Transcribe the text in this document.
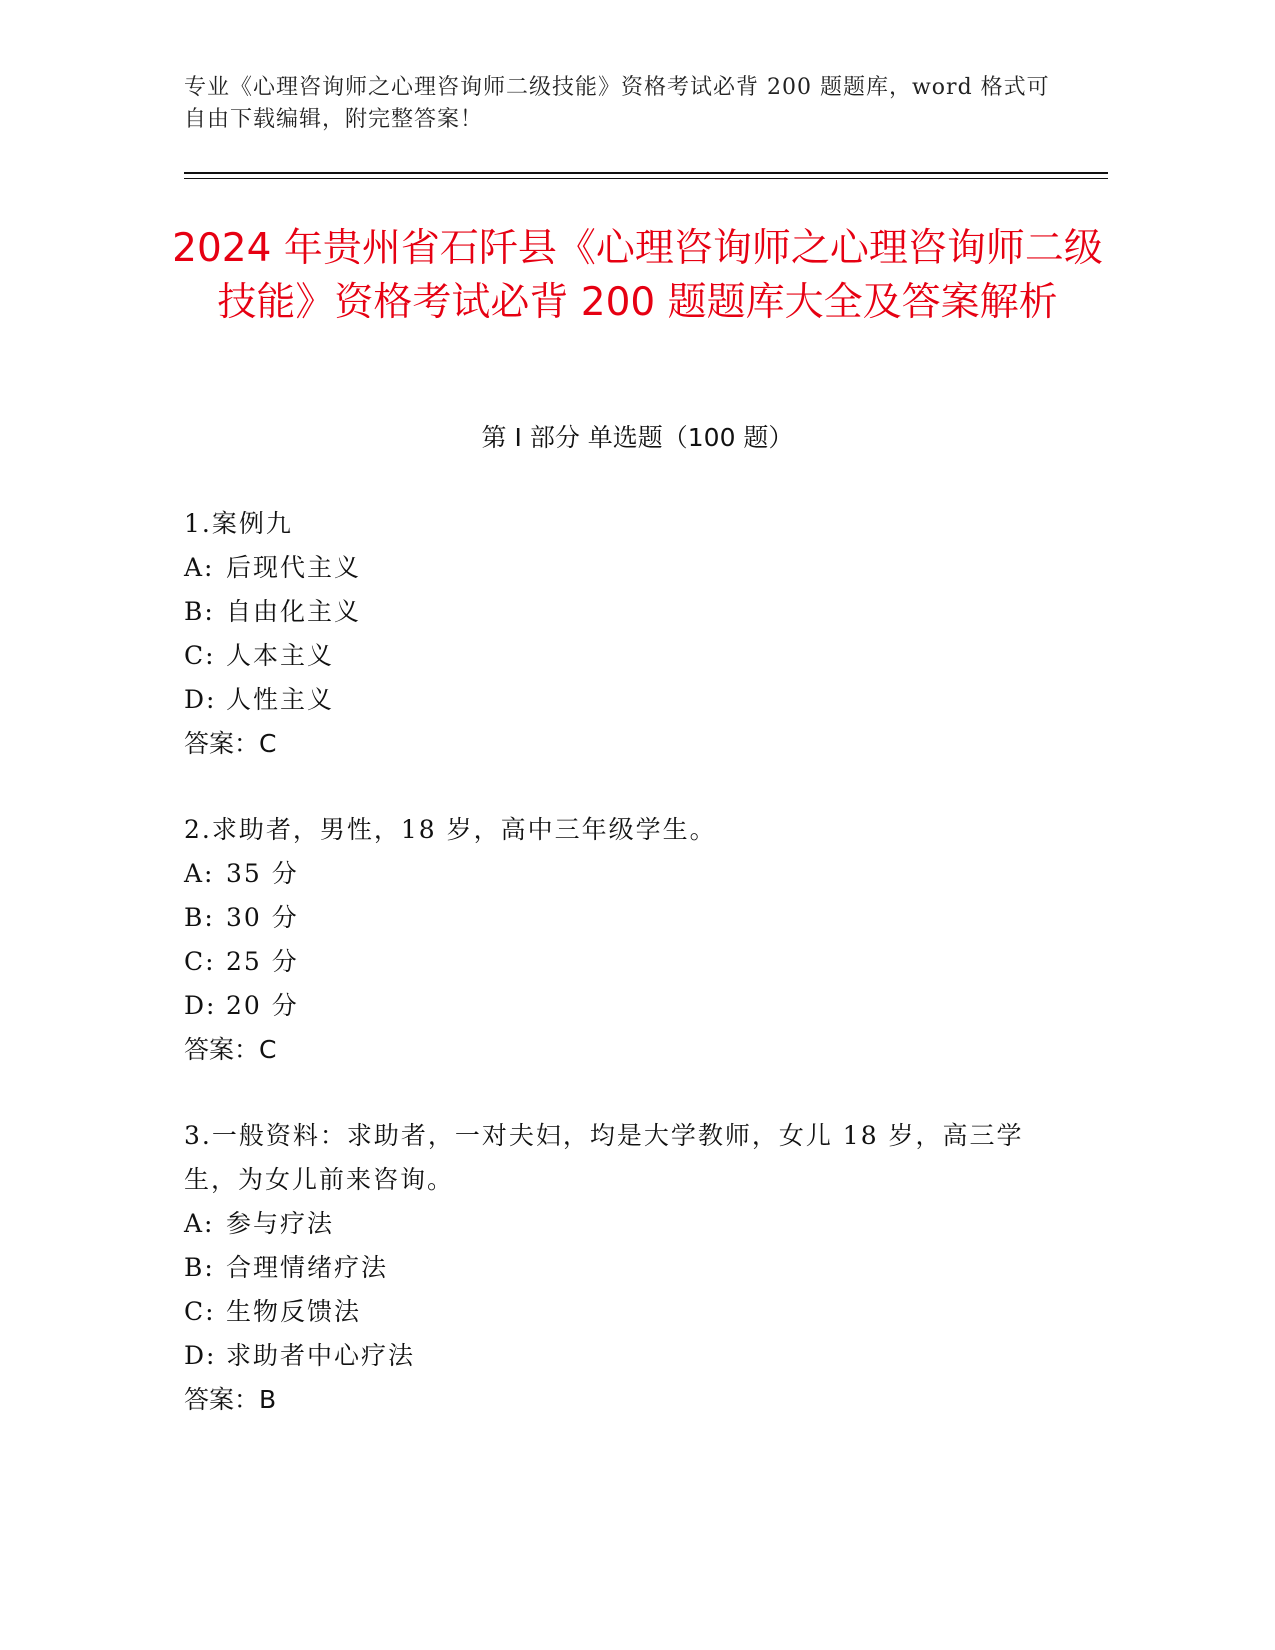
专业《心理咨询师之心理咨询师二级技能》资格考试必背 200 题题库，word 格式可自由下载编辑，附完整答案！
2024 年贵州省石阡县《心理咨询师之心理咨询师二级技能》资格考试必背 200 题题库大全及答案解析
第 I 部分 单选题（100 题）
1.案例九
A: 后现代主义
B: 自由化主义
C: 人本主义
D: 人性主义
答案：C
2.求助者，男性，18 岁，高中三年级学生。
A: 35 分
B: 30 分
C: 25 分
D: 20 分
答案：C
3.一般资料：求助者，一对夫妇，均是大学教师，女儿 18 岁，高三学生，为女儿前来咨询。
A: 参与疗法
B: 合理情绪疗法
C: 生物反馈法
D: 求助者中心疗法
答案：B
